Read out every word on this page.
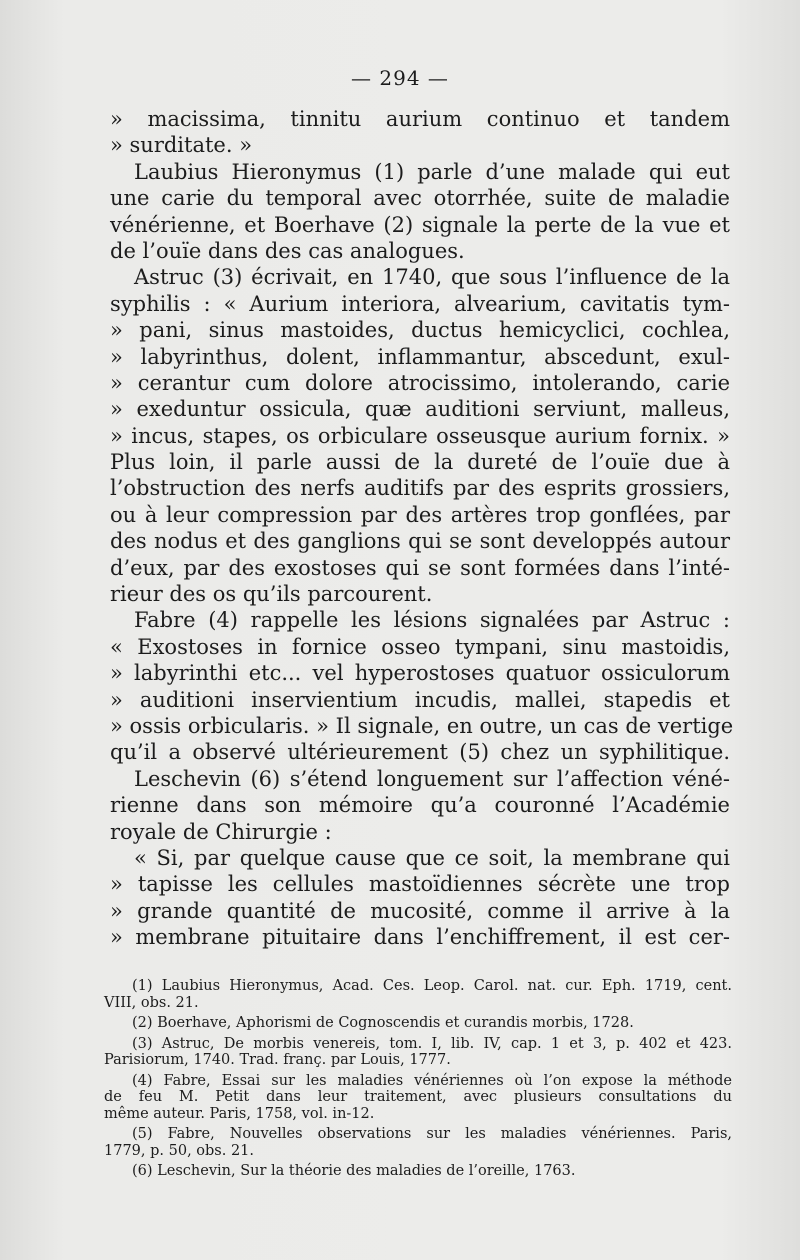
— 294 —
» macissima, tinnitu aurium continuo et tandem
» surditate. »
Laubius Hieronymus (1) parle d’une malade qui eut
une carie du temporal avec otorrhée, suite de maladie
vénérienne, et Boerhave (2) signale la perte de la vue et
de l’ouïe dans des cas analogues.
Astruc (3) écrivait, en 1740, que sous l’influence de la
syphilis : « Aurium interiora, alvearium, cavitatis tym-
» pani, sinus mastoides, ductus hemicyclici, cochlea,
» labyrinthus, dolent, inflammantur, abscedunt, exul-
» cerantur cum dolore atrocissimo, intolerando, carie
» exeduntur ossicula, quæ auditioni serviunt, malleus,
» incus, stapes, os orbiculare osseusque aurium fornix. »
Plus loin, il parle aussi de la dureté de l’ouïe due à
l’obstruction des nerfs auditifs par des esprits grossiers,
ou à leur compression par des artères trop gonflées, par
des nodus et des ganglions qui se sont developpés autour
d’eux, par des exostoses qui se sont formées dans l’inté-
rieur des os qu’ils parcourent.
Fabre (4) rappelle les lésions signalées par Astruc :
« Exostoses in fornice osseo tympani, sinu mastoidis,
» labyrinthi etc... vel hyperostoses quatuor ossiculorum
» auditioni inservientium incudis, mallei, stapedis et
» ossis orbicularis. » Il signale, en outre, un cas de vertige
qu’il a observé ultérieurement (5) chez un syphilitique.
Leschevin (6) s’étend longuement sur l’affection véné-
rienne dans son mémoire qu’a couronné l’Académie
royale de Chirurgie :
« Si, par quelque cause que ce soit, la membrane qui
» tapisse les cellules mastoïdiennes sécrète une trop
» grande quantité de mucosité, comme il arrive à la
» membrane pituitaire dans l’enchiffrement, il est cer-
(1) Laubius Hieronymus, Acad. Ces. Leop. Carol. nat. cur. Eph. 1719, cent.
VIII, obs. 21.
(2) Boerhave, Aphorismi de Cognoscendis et curandis morbis, 1728.
(3) Astruc, De morbis venereis, tom. I, lib. IV, cap. 1 et 3, p. 402 et 423.
Parisiorum, 1740. Trad. franç. par Louis, 1777.
(4) Fabre, Essai sur les maladies vénériennes où l’on expose la méthode
de feu M. Petit dans leur traitement, avec plusieurs consultations du
même auteur. Paris, 1758, vol. in-12.
(5) Fabre, Nouvelles observations sur les maladies vénériennes. Paris,
1779, p. 50, obs. 21.
(6) Leschevin, Sur la théorie des maladies de l’oreille, 1763.
